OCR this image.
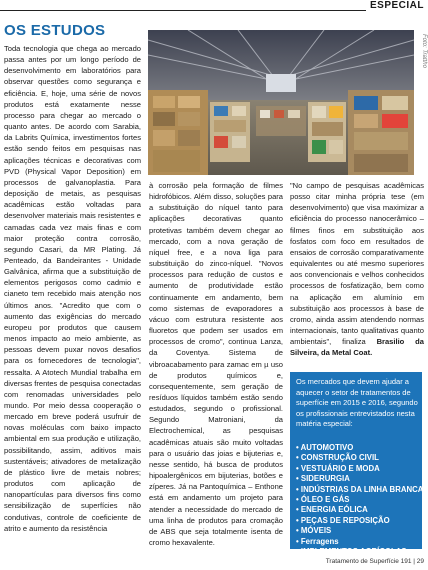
ESPECIAL
OS ESTUDOS

Toda tecnologia que chega ao mercado passa antes por um longo período de desenvolvimento em laboratórios para observar questões como segurança e eficiência. E, hoje, uma série de novos produtos está exatamente nesse processo para chegar ao mercado o quanto antes. De acordo com Sarabia, da Labrits Química, investimentos fortes estão sendo feitos em pesquisas nas aplicações técnicas e decorativas com PVD (Physical Vapor Deposition) em processos de galvanoplastia. Para deposição de metais, as pesquisas acadêmicas estão voltadas para desenvolver materiais mais resistentes e camadas cada vez mais finas e com maior proteção contra corrosão, segundo Casari, da MR Plating. Já Penteado, da Bandeirantes - Unidade Galvânica, afirma que a substituição de elementos perigosos como cadmio e cianeto tem recebido mais atenção nos últimos anos. "Acredito que com o aumento das exigências do mercado europeu por produtos que causem menos impacto ao meio ambiente, as pessoas devem puxar novos desafios para os fornecedores de tecnologia", ressalta. A Atotech Mundial trabalha em diversas frentes de pesquisa conectadas com renomadas universidades pelo mundo. Por meio dessa cooperação o mercado em breve poderá usufruir de novas moléculas com baixo impacto ambiental em sua produção e utilização, possibilitando, assim, aditivos mais sustentáveis; ativadores de metalização de plástico livre de metais nobres; produtos com aplicação de nanopartículas para diversos fins como sensibilização de superfícies não condutivas, controle de coeficiente de atrito e aumento da resistência

Foto: Trattho

à corrosão pela formação de filmes hidrofóbicos. Além disso, soluções para a substituição do níquel tanto para aplicações decorativas quanto protetivas também devem chegar ao mercado, com a nova geração de níquel free, e a nova liga para substituição do zinco-níquel. "Novos processos para redução de custos e aumento de produtividade estão continuamente em andamento, bem como sistemas de evaporadores a vácuo com estrutura resistente aos fluoretos que podem ser usados em processos de cromo", continua Lanza, da Coventya. Sistema de vibroacabamento para zamac em µ uso de produtos químicos e, consequentemente, sem geração de resíduos líquidos também estão sendo estudados, segundo o profissional. Segundo Matroniani, da Electrochemical, as pesquisas acadêmicas atuais são muito voltadas para o usuário das joias e bijuterias e, nesse sentido, há busca de produtos hipoalergênicos em bijuterias, botões e zíperes. Já na Pantoquímica – Enthone está em andamento um projeto para atender a necessidade do mercado de uma linha de produtos para cromação de ABS que seja totalmente isenta de cromo hexavalente.

"No campo de pesquisas acadêmicas posso citar minha própria tese (em desenvolvimento) que visa maximizar a eficiência do processo nanocerâmico – filmes finos em substituição aos fosfatos com foco em resultados de ensaios de corrosão comparativamente equivalentes ou até mesmo superiores aos convencionais e velhos conhecidos processos de fosfatização, bem como na aplicação em alumínio em substituição aos processos à base de cromo, ainda assim atendendo normas internacionais, tanto qualitativas quanto ambientais", finaliza Brasilio da Silveira, da Metal Coat.

Os mercados que devem ajudar a aquecer o setor de tratamentos de superfície em 2015 e 2016, segundo os profissionais entrevistados nesta matéria especial:
• AUTOMOTIVO
• CONSTRUÇÃO CIVIL
• VESTUÁRIO E MODA
• SIDERURGIA
• INDÚSTRIAS DA LINHA BRANCA
• ÓLEO E GÁS
• ENERGIA EÓLICA
• PEÇAS DE REPOSIÇÃO
• MÓVEIS
• Ferragens
• IMPLEMENTOS AGRÍCOLAS
Tratamento de Superfície 191 | 29
